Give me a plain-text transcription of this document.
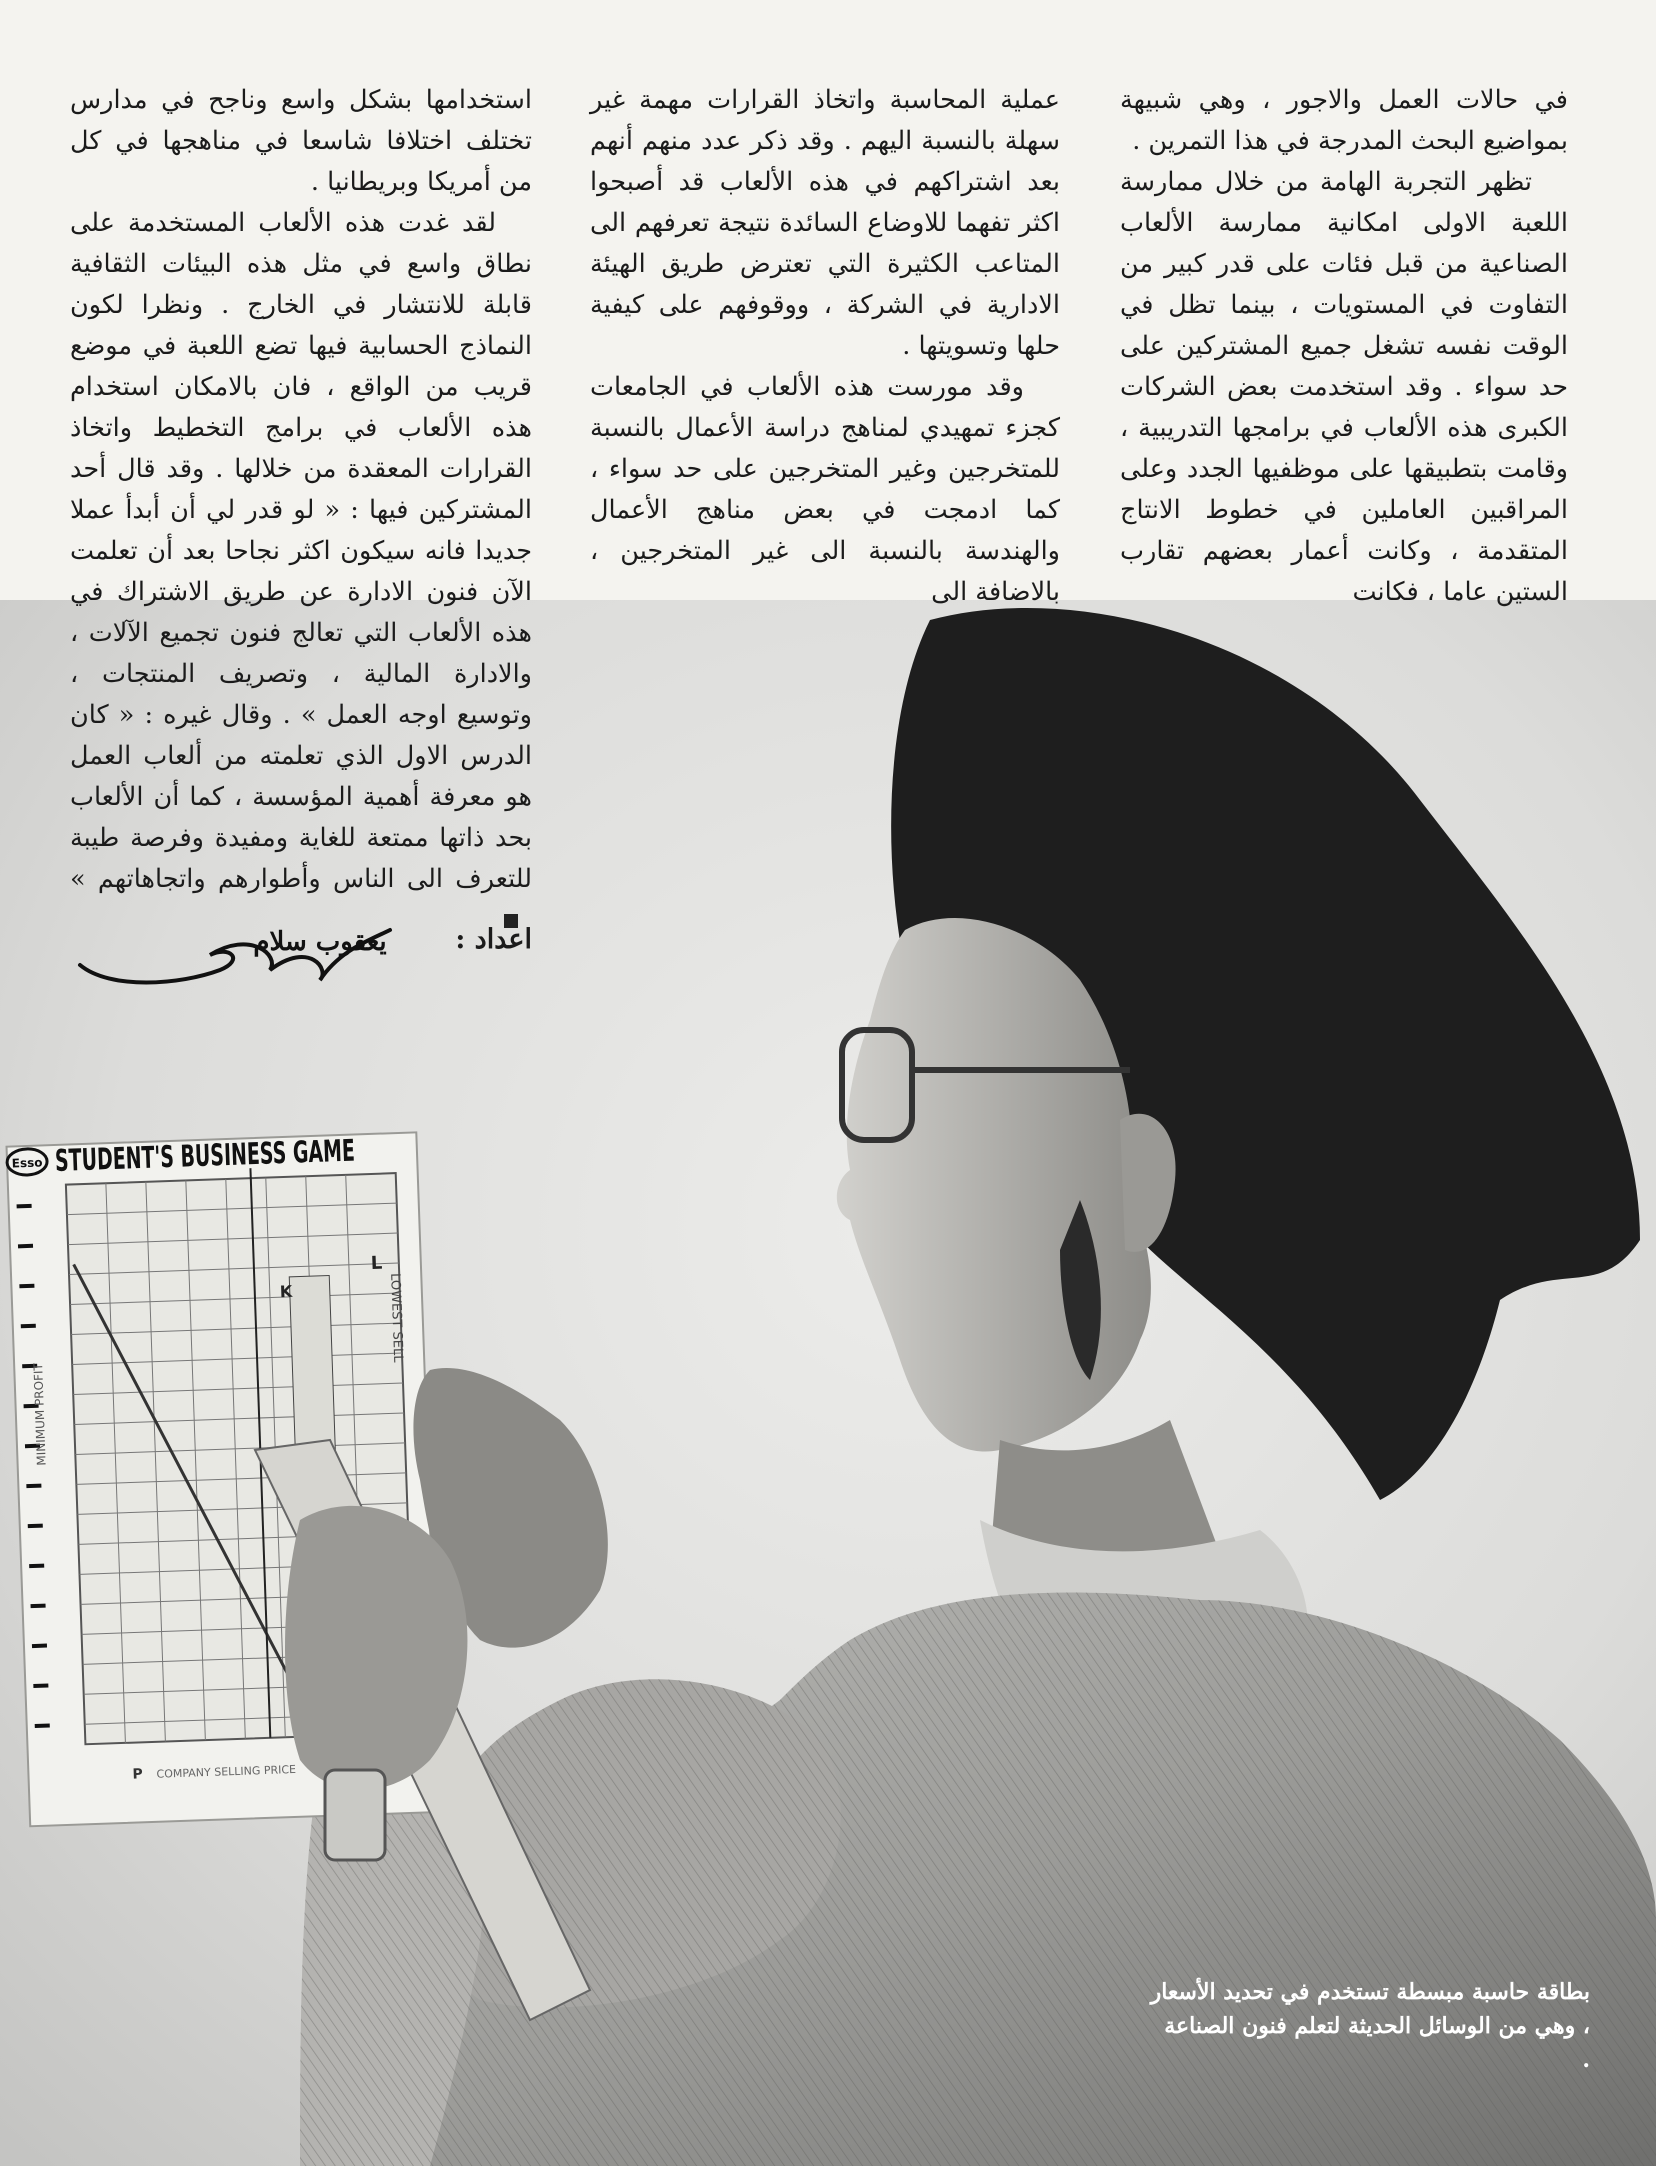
Esso STUDENT'S BUSINESS GAME
MINIMUM PROFIT
LOWEST SELL
L
K
P COMPANY SELLING PRICE

في حالات العمل والاجور ، وهي شبيهة بمواضيع البحث المدرجة في هذا التمرين .

تظهر التجربة الهامة من خلال ممارسة اللعبة الاولى امكانية ممارسة الألعاب الصناعية من قبل فئات على قدر كبير من التفاوت في المستويات ، بينما تظل في الوقت نفسه تشغل جميع المشتركين على حد سواء . وقد استخدمت بعض الشركات الكبرى هذه الألعاب في برامجها التدريبية ، وقامت بتطبيقها على موظفيها الجدد وعلى المراقبين العاملين في خطوط الانتاج المتقدمة ، وكانت أعمار بعضهم تقارب الستين عاما ، فكانت

عملية المحاسبة واتخاذ القرارات مهمة غير سهلة بالنسبة اليهم . وقد ذكر عدد منهم أنهم بعد اشتراكهم في هذه الألعاب قد أصبحوا اكثر تفهما للاوضاع السائدة نتيجة تعرفهم الى المتاعب الكثيرة التي تعترض طريق الهيئة الادارية في الشركة ، ووقوفهم على كيفية حلها وتسويتها .

وقد مورست هذه الألعاب في الجامعات كجزء تمهيدي لمناهج دراسة الأعمال بالنسبة للمتخرجين وغير المتخرجين على حد سواء ، كما ادمجت في بعض مناهج الأعمال والهندسة بالنسبة الى غير المتخرجين ، بالاضافة الى

استخدامها بشكل واسع وناجح في مدارس تختلف اختلافا شاسعا في مناهجها في كل من أمريكا وبريطانيا .

لقد غدت هذه الألعاب المستخدمة على نطاق واسع في مثل هذه البيئات الثقافية قابلة للانتشار في الخارج . ونظرا لكون النماذج الحسابية فيها تضع اللعبة في موضع قريب من الواقع ، فان بالامكان استخدام هذه الألعاب في برامج التخطيط واتخاذ القرارات المعقدة من خلالها . وقد قال أحد المشتركين فيها : « لو قدر لي أن أبدأ عملا جديدا فانه سيكون اكثر نجاحا بعد أن تعلمت الآن فنون الادارة عن طريق الاشتراك في هذه الألعاب التي تعالج فنون تجميع الآلات ، والادارة المالية ، وتصريف المنتجات ، وتوسيع اوجه العمل » . وقال غيره : « كان الدرس الاول الذي تعلمته من ألعاب العمل هو معرفة أهمية المؤسسة ، كما أن الألعاب بحد ذاتها ممتعة للغاية ومفيدة وفرصة طيبة للتعرف الى الناس وأطوارهم واتجاهاتهم »

اعداد :
يعقوب سلام
بطاقة حاسبة مبسطة تستخدم في تحديد الأسعار ، وهي من الوسائل الحديثة لتعلم فنون الصناعة .
